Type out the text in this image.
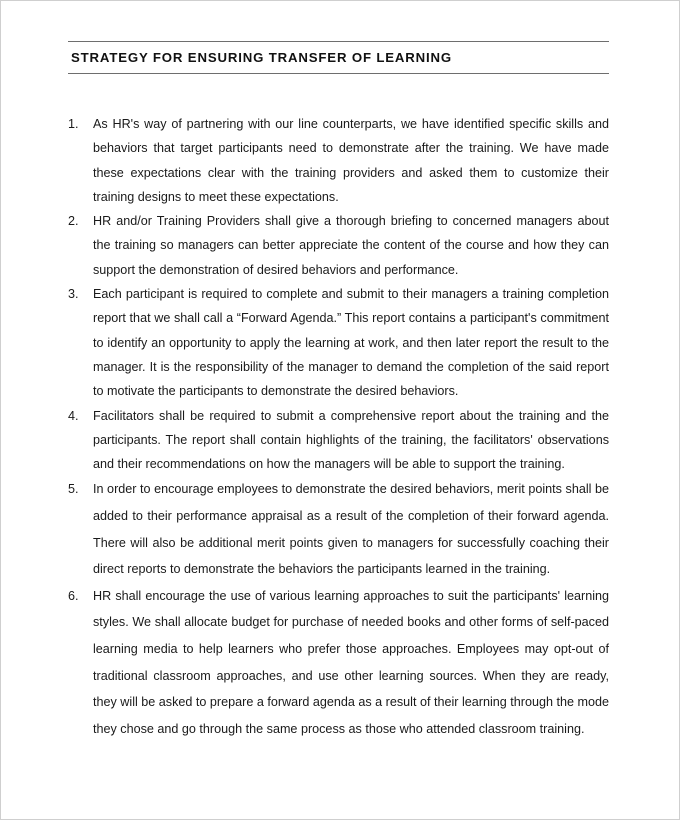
STRATEGY FOR ENSURING TRANSFER OF LEARNING
1.	As HR's way of partnering with our line counterparts, we have identified specific skills and behaviors that target participants need to demonstrate after the training. We have made these expectations clear with the training providers and asked them to customize their training designs to meet these expectations.
2.	HR and/or Training Providers shall give a thorough briefing to concerned managers about the training so managers can better appreciate the content of the course and how they can support the demonstration of desired behaviors and performance.
3.	Each participant is required to complete and submit to their managers a training completion report that we shall call a “Forward Agenda.” This report contains a participant's commitment to identify an opportunity to apply the learning at work, and then later report the result to the manager. It is the responsibility of the manager to demand the completion of the said report to motivate the participants to demonstrate the desired behaviors.
4.	Facilitators shall be required to submit a comprehensive report about the training and the participants. The report shall contain highlights of the training, the facilitators' observations and their recommendations on how the managers will be able to support the training.
5.	In order to encourage employees to demonstrate the desired behaviors, merit points shall be added to their performance appraisal as a result of the completion of their forward agenda. There will also be additional merit points given to managers for successfully coaching their direct reports to demonstrate the behaviors the participants learned in the training.
6.	HR shall encourage the use of various learning approaches to suit the participants' learning styles. We shall allocate budget for purchase of needed books and other forms of self-paced learning media to help learners who prefer those approaches. Employees may opt-out of traditional classroom approaches, and use other learning sources. When they are ready, they will be asked to prepare a forward agenda as a result of their learning through the mode they chose and go through the same process as those who attended classroom training.
